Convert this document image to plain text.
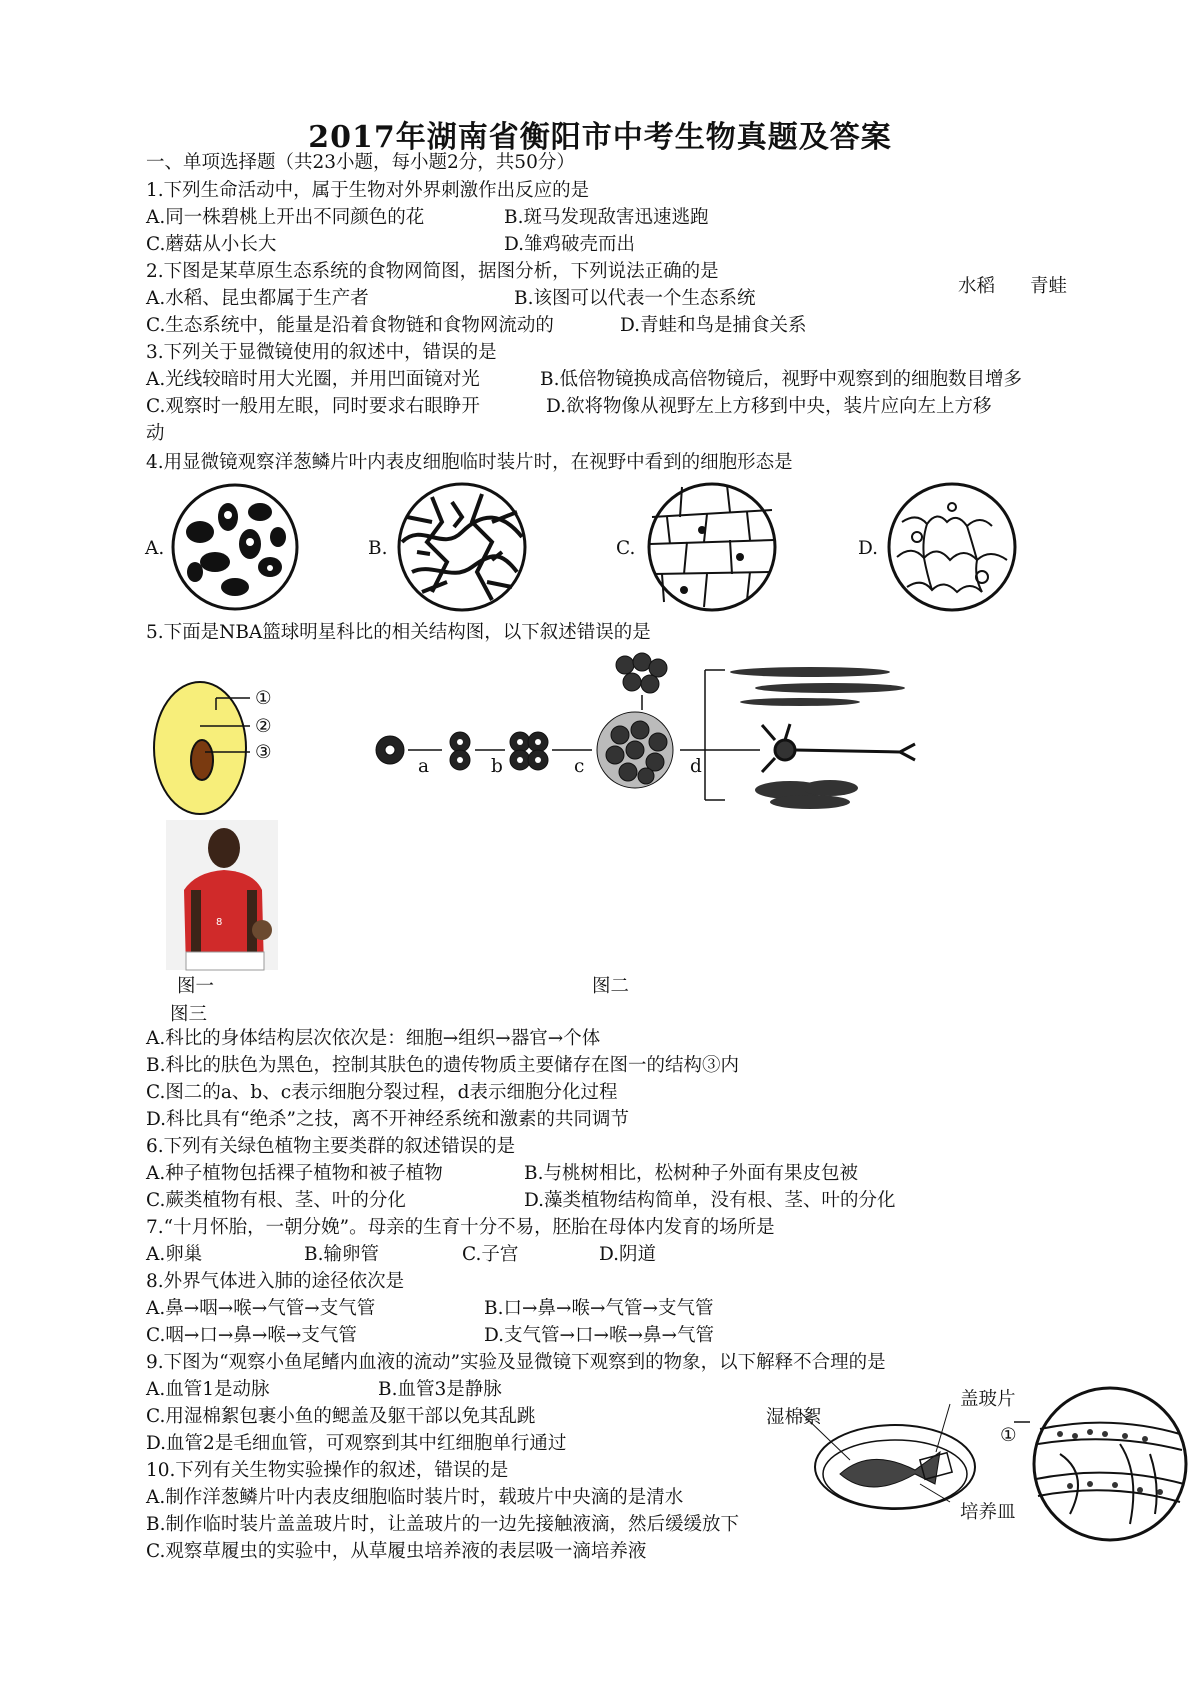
2017年湖南省衡阳市中考生物真题及答案
一、单项选择题（共23小题，每小题2分，共50分）
1.下列生命活动中，属于生物对外界刺激作出反应的是
A.同一株碧桃上开出不同颜色的花	B.斑马发现敌害迅速逃跑
C.蘑菇从小长大	D.雏鸡破壳而出
2.下图是某草原生态系统的食物网简图，据图分析，下列说法正确的是
水稻 青蛙
A.水稻、昆虫都属于生产者	B.该图可以代表一个生态系统
C.生态系统中，能量是沿着食物链和食物网流动的	D.青蛙和鸟是捕食关系
3.下列关于显微镜使用的叙述中，错误的是
A.光线较暗时用大光圈，并用凹面镜对光	B.低倍物镜换成高倍物镜后，视野中观察到的细胞数目增多
C.观察时一般用左眼，同时要求右眼睁开	D.欲将物像从视野左上方移到中央，装片应向左上方移
动
4.用显微镜观察洋葱鳞片叶内表皮细胞临时装片时，在视野中看到的细胞形态是
A.	B.	C.	D.
5.下面是NBA篮球明星科比的相关结构图，以下叙述错误的是
①
②
③
a	b	c	d
8
图一	图二
图三
A.科比的身体结构层次依次是：细胞→组织→器官→个体
B.科比的肤色为黑色，控制其肤色的遗传物质主要储存在图一的结构③内
C.图二的a、b、c表示细胞分裂过程，d表示细胞分化过程
D.科比具有“绝杀”之技，离不开神经系统和激素的共同调节
6.下列有关绿色植物主要类群的叙述错误的是
A.种子植物包括裸子植物和被子植物	B.与桃树相比，松树种子外面有果皮包被
C.蕨类植物有根、茎、叶的分化	D.藻类植物结构简单，没有根、茎、叶的分化
7.“十月怀胎，一朝分娩”。母亲的生育十分不易，胚胎在母体内发育的场所是
A.卵巢	B.输卵管	C.子宫	D.阴道
8.外界气体进入肺的途径依次是
A.鼻→咽→喉→气管→支气管	B.口→鼻→喉→气管→支气管
C.咽→口→鼻→喉→支气管	D.支气管→口→喉→鼻→气管
9.下图为“观察小鱼尾鳍内血液的流动”实验及显微镜下观察到的物象，以下解释不合理的是
A.血管1是动脉	B.血管3是静脉
C.用湿棉絮包裹小鱼的鳃盖及躯干部以免其乱跳
D.血管2是毛细血管，可观察到其中红细胞单行通过
湿棉絮
盖玻片
培养皿
①
10.下列有关生物实验操作的叙述，错误的是
A.制作洋葱鳞片叶内表皮细胞临时装片时，载玻片中央滴的是清水
B.制作临时装片盖盖玻片时，让盖玻片的一边先接触液滴，然后缓缓放下
C.观察草履虫的实验中，从草履虫培养液的表层吸一滴培养液
